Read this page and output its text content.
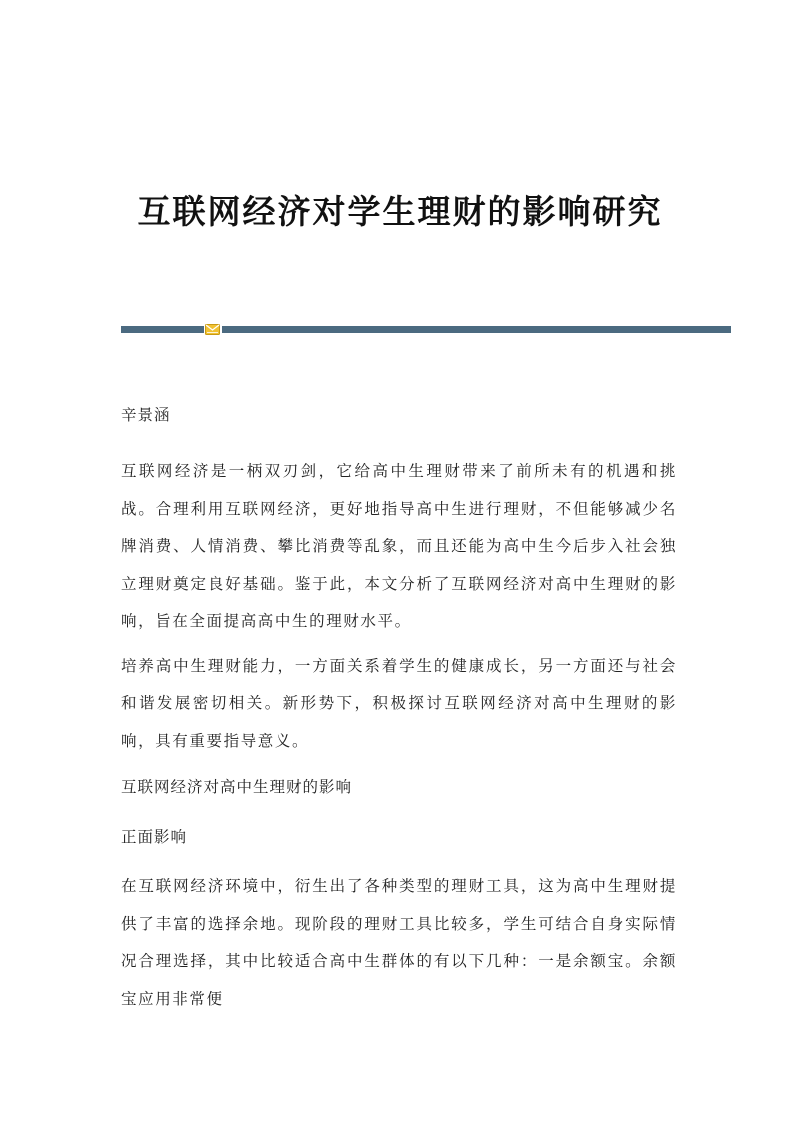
互联网经济对学生理财的影响研究

辛景涵

互联网经济是一柄双刃剑，它给高中生理财带来了前所未有的机遇和挑战。合理利用互联网经济，更好地指导高中生进行理财，不但能够减少名牌消费、人情消费、攀比消费等乱象，而且还能为高中生今后步入社会独立理财奠定良好基础。鉴于此，本文分析了互联网经济对高中生理财的影响，旨在全面提高高中生的理财水平。

培养高中生理财能力，一方面关系着学生的健康成长，另一方面还与社会和谐发展密切相关。新形势下，积极探讨互联网经济对高中生理财的影响，具有重要指导意义。

互联网经济对高中生理财的影响

正面影响

在互联网经济环境中，衍生出了各种类型的理财工具，这为高中生理财提供了丰富的选择余地。现阶段的理财工具比较多，学生可结合自身实际情况合理选择，其中比较适合高中生群体的有以下几种：一是余额宝。余额宝应用非常便
